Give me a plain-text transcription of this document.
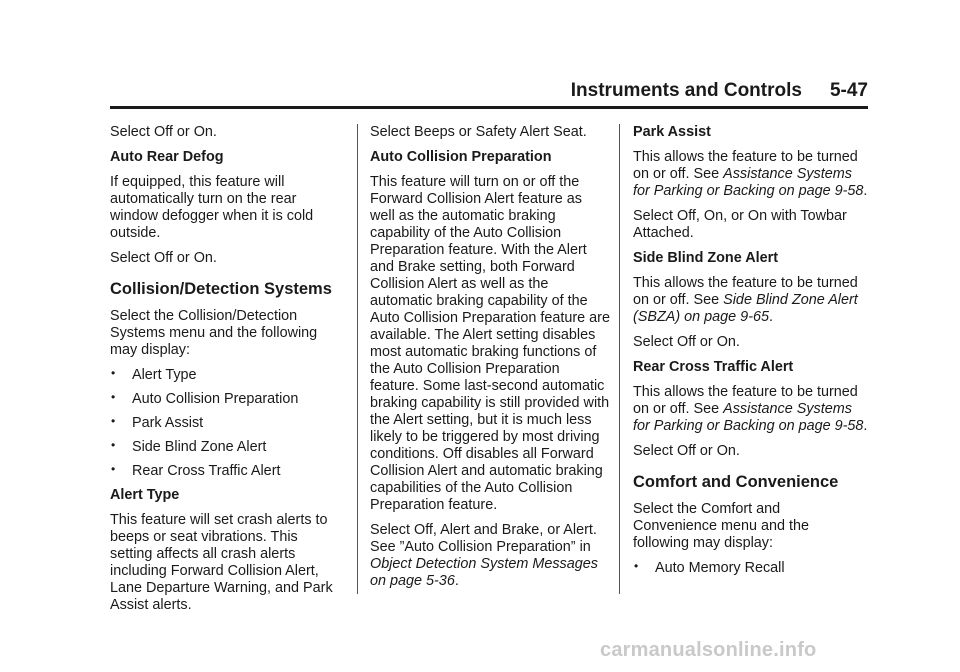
Instruments and Controls 5-47

Select Off or On.

Auto Rear Defog

If equipped, this feature will automatically turn on the rear window defogger when it is cold outside.

Select Off or On.

Collision/Detection Systems

Select the Collision/Detection Systems menu and the following may display:

• Alert Type
• Auto Collision Preparation
• Park Assist
• Side Blind Zone Alert
• Rear Cross Traffic Alert

Alert Type

This feature will set crash alerts to beeps or seat vibrations. This setting affects all crash alerts including Forward Collision Alert, Lane Departure Warning, and Park Assist alerts.

Select Beeps or Safety Alert Seat.

Auto Collision Preparation

This feature will turn on or off the Forward Collision Alert feature as well as the automatic braking capability of the Auto Collision Preparation feature. With the Alert and Brake setting, both Forward Collision Alert as well as the automatic braking capability of the Auto Collision Preparation feature are available. The Alert setting disables most automatic braking functions of the Auto Collision Preparation feature. Some last-second automatic braking capability is still provided with the Alert setting, but it is much less likely to be triggered by most driving conditions. Off disables all Forward Collision Alert and automatic braking capabilities of the Auto Collision Preparation feature.

Select Off, Alert and Brake, or Alert. See ”Auto Collision Preparation” in Object Detection System Messages on page 5-36.

Park Assist

This allows the feature to be turned on or off. See Assistance Systems for Parking or Backing on page 9-58.

Select Off, On, or On with Towbar Attached.

Side Blind Zone Alert

This allows the feature to be turned on or off. See Side Blind Zone Alert (SBZA) on page 9-65.

Select Off or On.

Rear Cross Traffic Alert

This allows the feature to be turned on or off. See Assistance Systems for Parking or Backing on page 9-58.

Select Off or On.

Comfort and Convenience

Select the Comfort and Convenience menu and the following may display:

• Auto Memory Recall
carmanualsonline.info
